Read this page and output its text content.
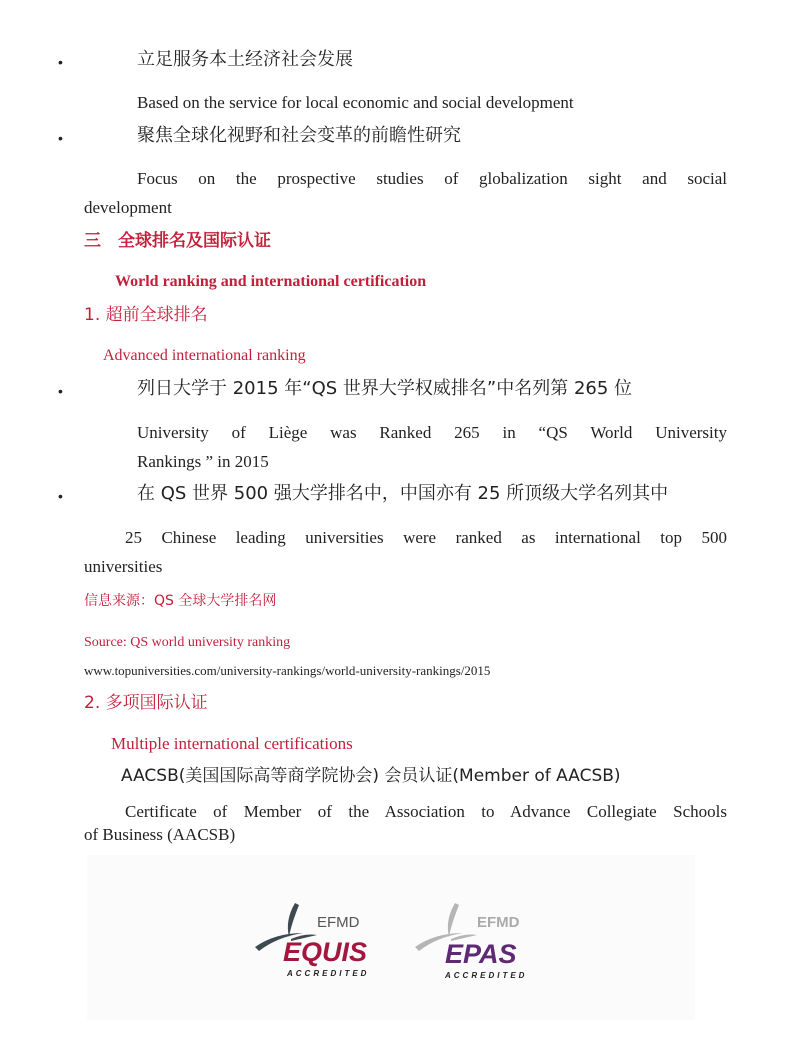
•	立足服务本土经济社会发展
Based on the service for local economic and social development
•	聚焦全球化视野和社会变革的前瞻性研究
Focus on the prospective studies of globalization sight and social
development
三　全球排名及国际认证
World ranking and international certification
1. 超前全球排名
Advanced international ranking
•	列日大学于 2015 年“QS 世界大学权威排名”中名列第 265 位
University of Liège was Ranked 265 in “QS World University
Rankings ” in 2015
•	在 QS 世界 500 强大学排名中，中国亦有 25 所顶级大学名列其中
25 Chinese leading universities were ranked as international top 500
universities
信息来源：QS 全球大学排名网
Source: QS world university ranking
www.topuniversities.com/university-rankings/world-university-rankings/2015
2. 多项国际认证
Multiple international certifications
AACSB(美国国际高等商学院协会) 会员认证(Member of AACSB)
Certificate of Member of the Association to Advance Collegiate Schools
of Business (AACSB)
EFMD
EQUIS
ACCREDITED
EFMD
EPAS
ACCREDITED
